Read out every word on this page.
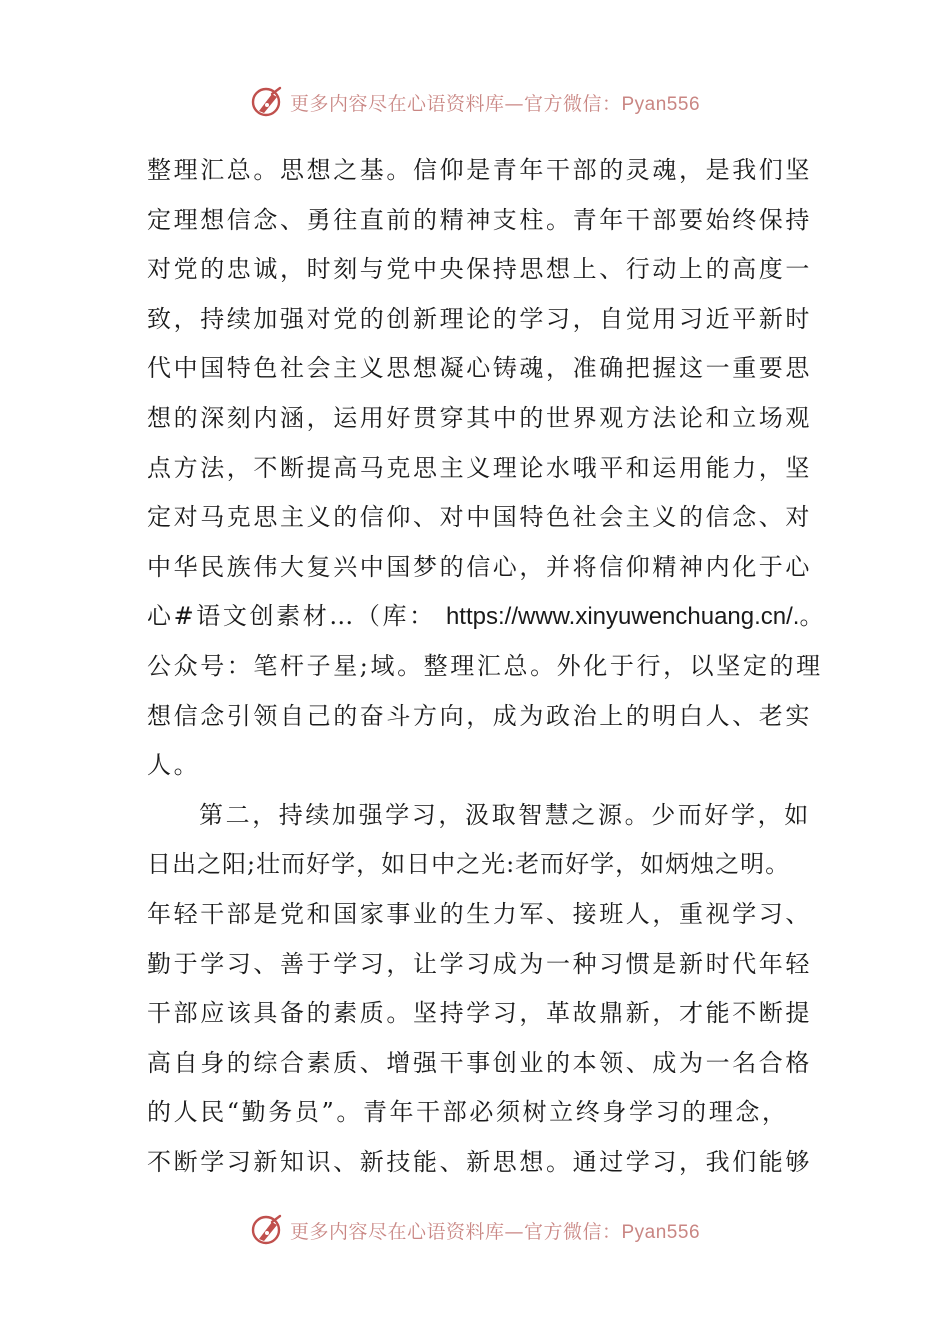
更多内容尽在心语资料库—官方微信：Pyan556
整理汇总。思想之基。信仰是青年干部的灵魂，是我们坚
定理想信念、勇往直前的精神支柱。青年干部要始终保持
对党的忠诚，时刻与党中央保持思想上、行动上的高度一
致，持续加强对党的创新理论的学习，自觉用习近平新时
代中国特色社会主义思想凝心铸魂，准确把握这一重要思
想的深刻内涵，运用好贯穿其中的世界观方法论和立场观
点方法，不断提高马克思主义理论水哦平和运用能力，坚
定对马克思主义的信仰、对中国特色社会主义的信念、对
中华民族伟大复兴中国梦的信心，并将信仰精神内化于心
心#语文创素材…（库： https://www.xinyuwenchuang.cn/.。
公众号：笔杆子星;域。整理汇总。外化于行，以坚定的理
想信念引领自己的奋斗方向，成为政治上的明白人、老实
人。
第二，持续加强学习，汲取智慧之源。少而好学，如
日出之阳;壮而好学，如日中之光:老而好学，如炳烛之明。
年轻干部是党和国家事业的生力军、接班人，重视学习、
勤于学习、善于学习，让学习成为一种习惯是新时代年轻
干部应该具备的素质。坚持学习，革故鼎新，才能不断提
高自身的综合素质、增强干事创业的本领、成为一名合格
的人民“勤务员”。青年干部必须树立终身学习的理念，
不断学习新知识、新技能、新思想。通过学习，我们能够
更多内容尽在心语资料库—官方微信：Pyan556
